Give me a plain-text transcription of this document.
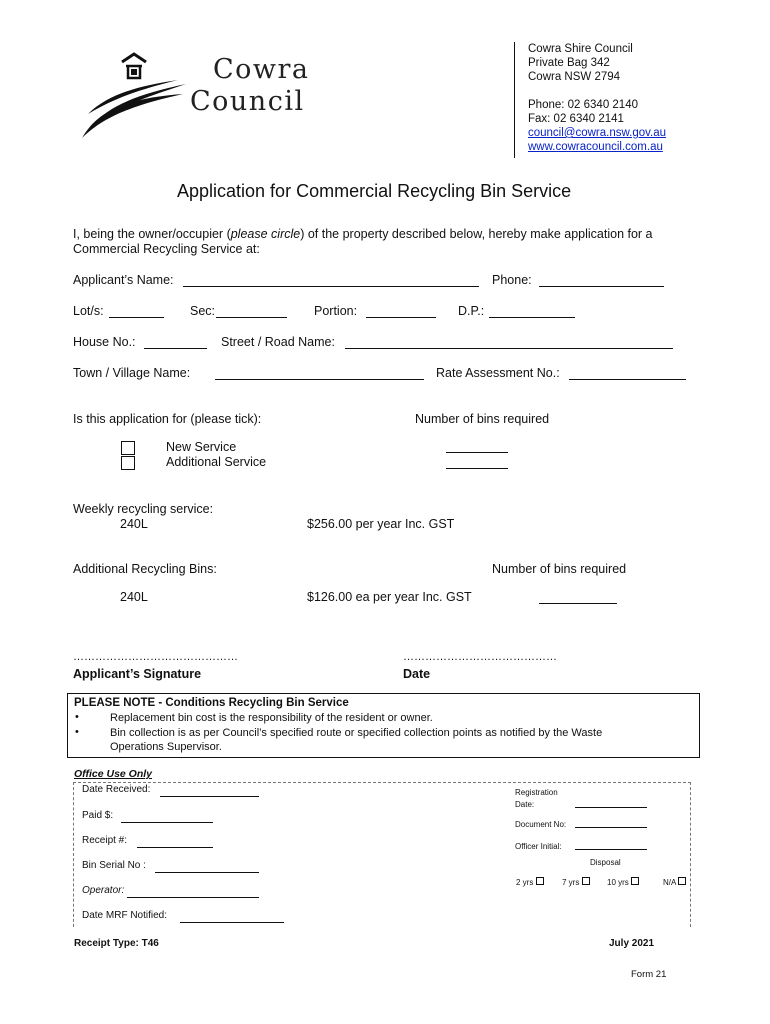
Cowra
Council
Cowra Shire Council
Private Bag 342
Cowra NSW 2794
Phone: 02 6340 2140
Fax: 02 6340 2141
council@cowra.nsw.gov.au
www.cowracouncil.com.au
Application for Commercial Recycling Bin Service
I, being the owner/occupier (please circle) of the property described below, hereby make application for a
Commercial Recycling Service at:
Applicant’s Name:	Phone:
Lot/s:	Sec:	Portion:	D.P.:
House No.:	Street / Road Name:
Town / Village Name:	Rate Assessment No.:
Is this application for (please tick):	Number of bins required
New Service
Additional Service
Weekly recycling service:
240L	$256.00 per year Inc. GST
Additional Recycling Bins:	Number of bins required
240L	$126.00 ea per year Inc. GST
………………………………………	……………………………………
Applicant’s Signature	Date
PLEASE NOTE - Conditions Recycling Bin Service
•	Replacement bin cost is the responsibility of the resident or owner.
•	Bin collection is as per Council’s specified route or specified collection points as notified by the Waste
Operations Supervisor.
Office Use Only
Date Received:
Paid $:
Receipt #:
Bin Serial No :
Operator:
Date MRF Notified:
Registration
Date:
Document No:
Officer Initial:
Disposal
2 yrs	7 yrs	10 yrs	N/A
Receipt Type: T46	July 2021
Form 21
